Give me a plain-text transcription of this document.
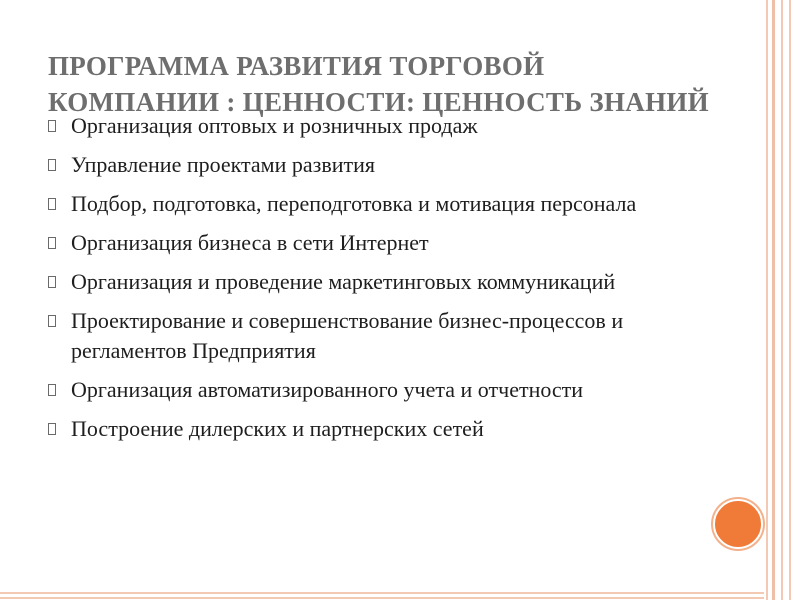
ПРОГРАММА РАЗВИТИЯ ТОРГОВОЙ
КОМПАНИИ : ЦЕННОСТИ: ЦЕННОСТЬ ЗНАНИЙ
Организация оптовых и розничных продаж
Управление проектами развития
Подбор, подготовка, переподготовка и мотивация персонала
Организация бизнеса в сети Интернет
Организация и проведение маркетинговых коммуникаций
Проектирование и совершенствование бизнес-процессов и регламентов Предприятия
Организация автоматизированного учета и отчетности
Построение дилерских и партнерских сетей
